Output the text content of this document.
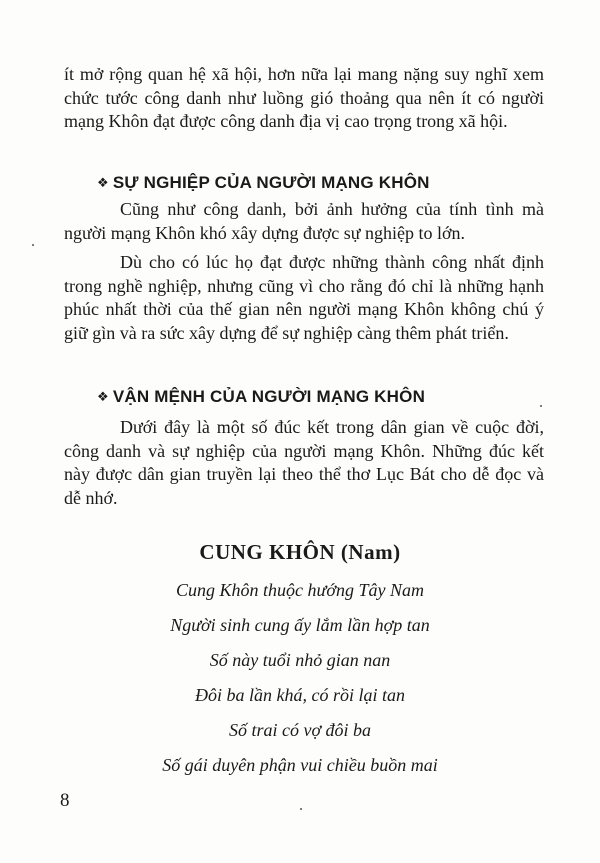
ít mở rộng quan hệ xã hội, hơn nữa lại mang nặng suy nghĩ xem chức tước công danh như luồng gió thoảng qua nên ít có người mạng Khôn đạt được công danh địa vị cao trọng trong xã hội.

❖ SỰ NGHIỆP CỦA NGƯỜI MẠNG KHÔN

Cũng như công danh, bởi ảnh hưởng của tính tình mà người mạng Khôn khó xây dựng được sự nghiệp to lớn.

Dù cho có lúc họ đạt được những thành công nhất định trong nghề nghiệp, nhưng cũng vì cho rằng đó chỉ là những hạnh phúc nhất thời của thế gian nên người mạng Khôn không chú ý giữ gìn và ra sức xây dựng để sự nghiệp càng thêm phát triển.

❖ VẬN MỆNH CỦA NGƯỜI MẠNG KHÔN

Dưới đây là một số đúc kết trong dân gian về cuộc đời, công danh và sự nghiệp của người mạng Khôn. Những đúc kết này được dân gian truyền lại theo thể thơ Lục Bát cho dễ đọc và dễ nhớ.

CUNG KHÔN (Nam)
Cung Khôn thuộc hướng Tây Nam
Người sinh cung ấy lắm lần hợp tan
Số này tuổi nhỏ gian nan
Đôi ba lần khá, có rồi lại tan
Số trai có vợ đôi ba
Số gái duyên phận vui chiều buồn mai
8
